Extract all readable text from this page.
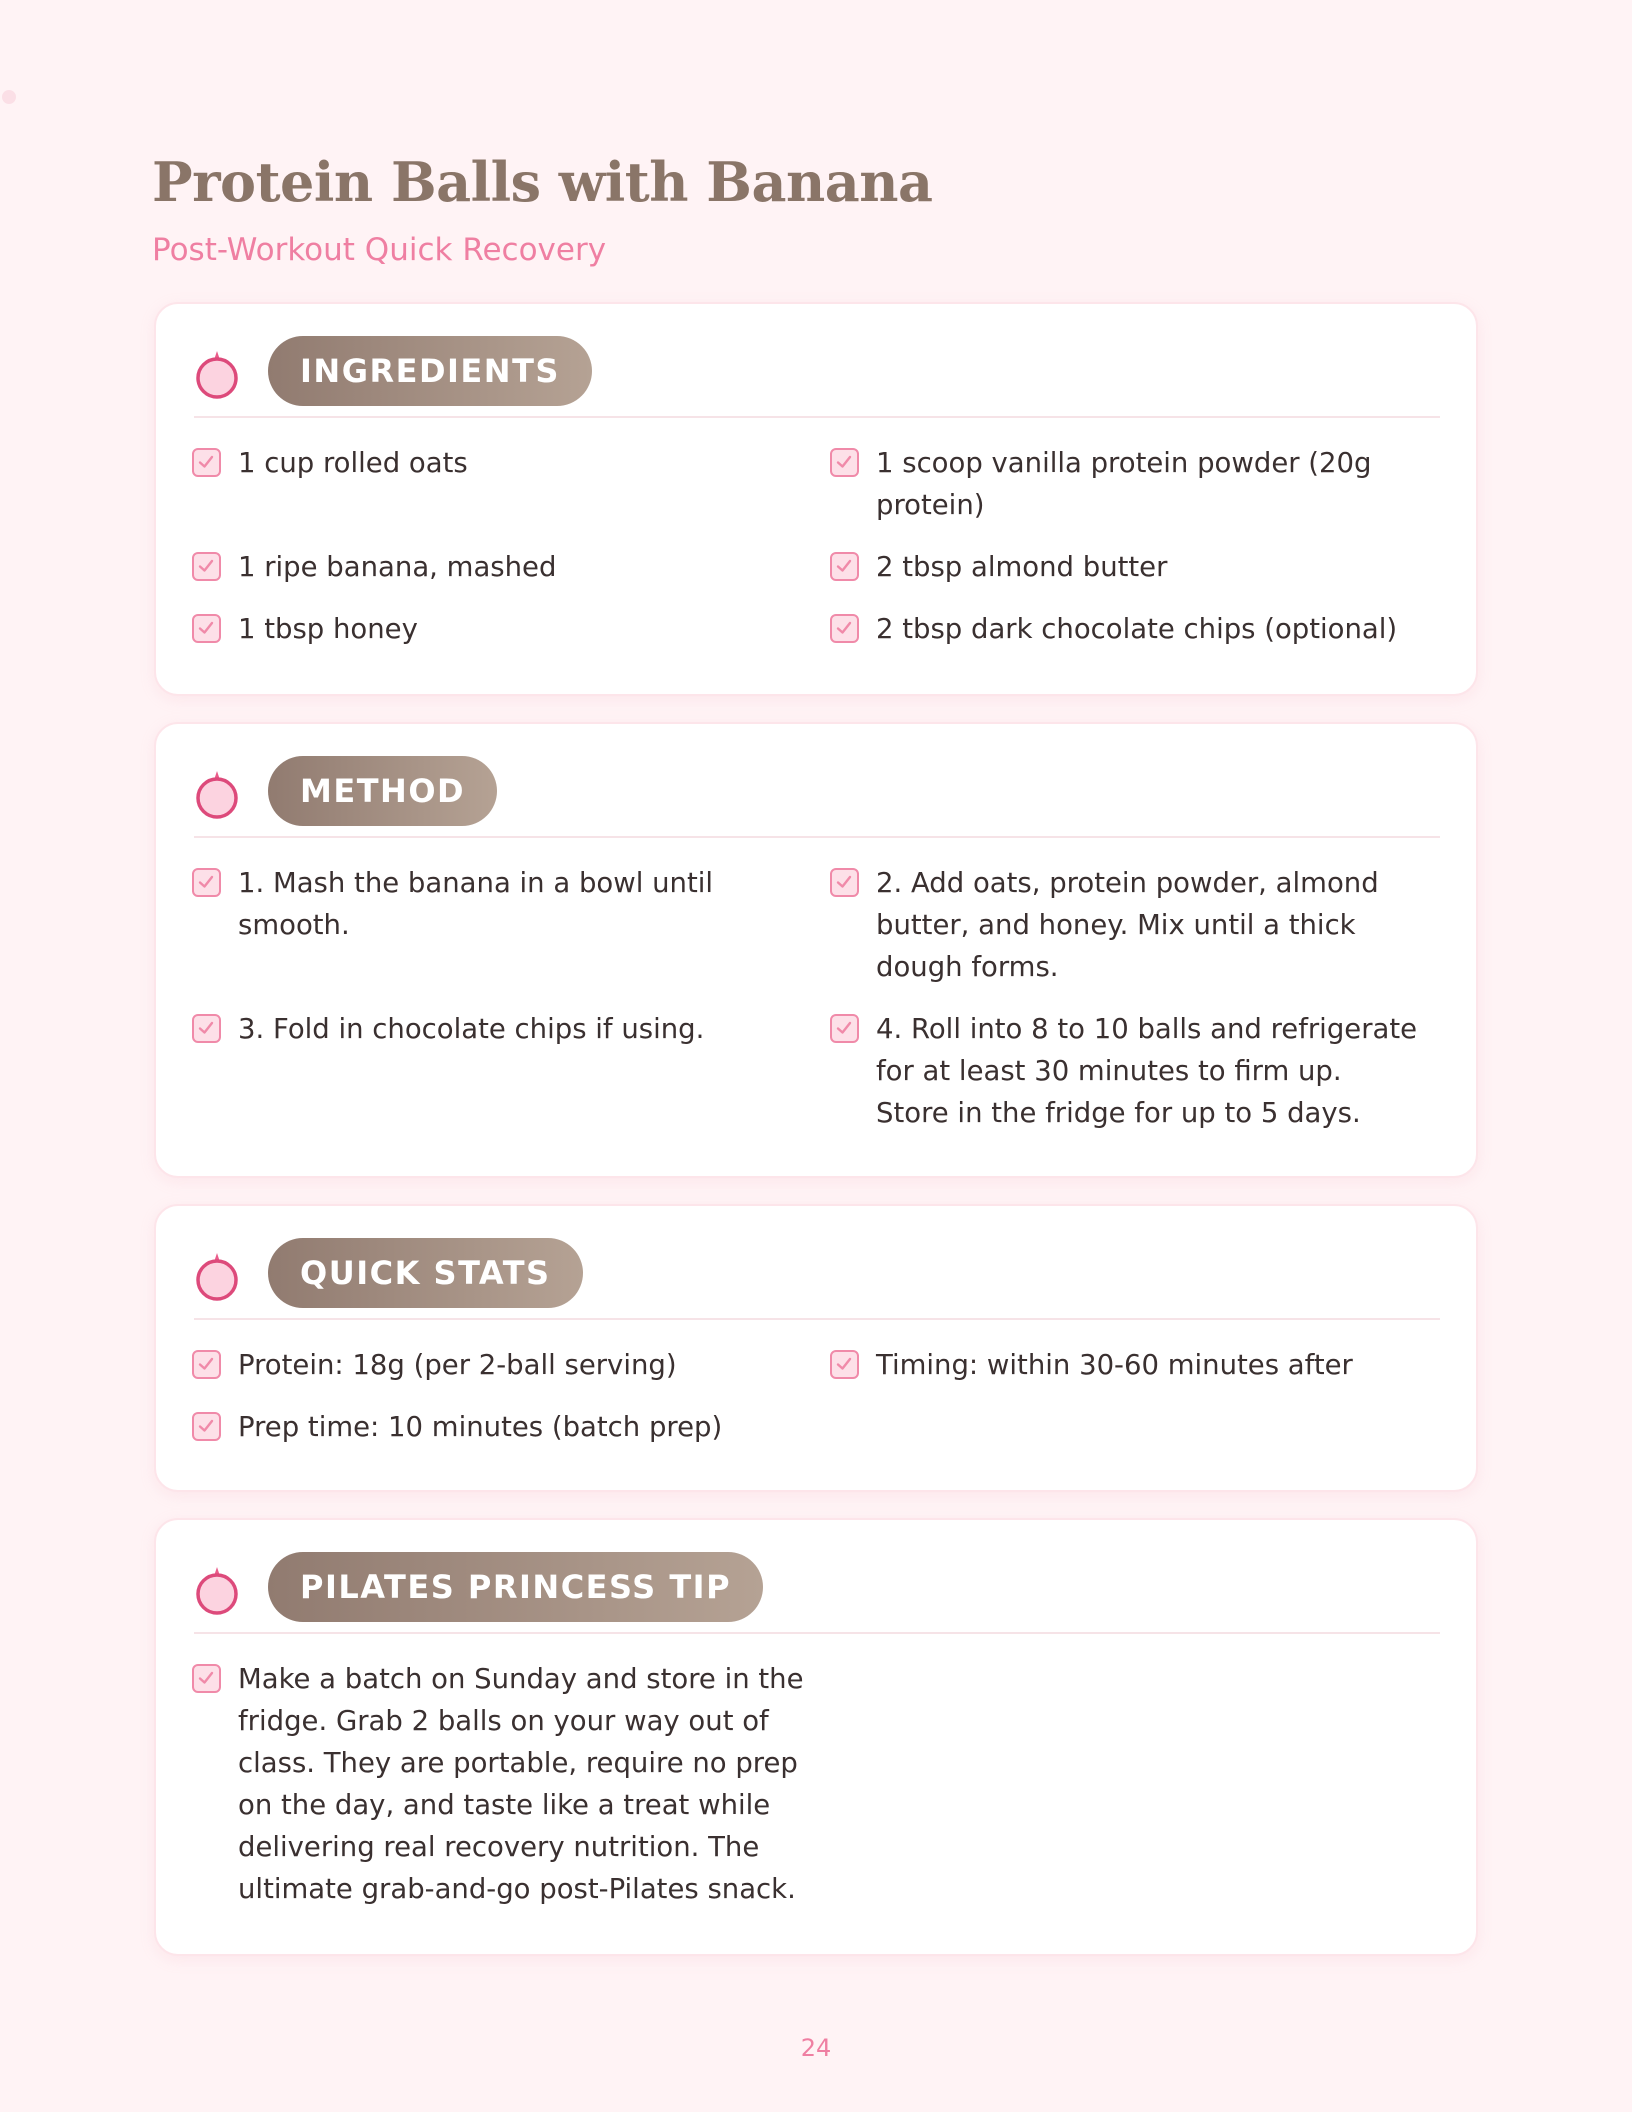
Protein Balls with Banana
Post-Workout Quick Recovery
INGREDIENTS
1 cup rolled oats	1 scoop vanilla protein powder (20g protein)
1 ripe banana, mashed	2 tbsp almond butter
1 tbsp honey	2 tbsp dark chocolate chips (optional)
METHOD
1. Mash the banana in a bowl until smooth.
2. Add oats, protein powder, almond butter, and honey. Mix until a thick dough forms.
3. Fold in chocolate chips if using.	4. Roll into 8 to 10 balls and refrigerate for at least 30 minutes to firm up. Store in the fridge for up to 5 days.
QUICK STATS
Protein: 18g (per 2-ball serving)	Timing: within 30-60 minutes after
Prep time: 10 minutes (batch prep)
PILATES PRINCESS TIP
Make a batch on Sunday and store in the fridge. Grab 2 balls on your way out of class. They are portable, require no prep on the day, and taste like a treat while delivering real recovery nutrition. The ultimate grab-and-go post-Pilates snack.
24
